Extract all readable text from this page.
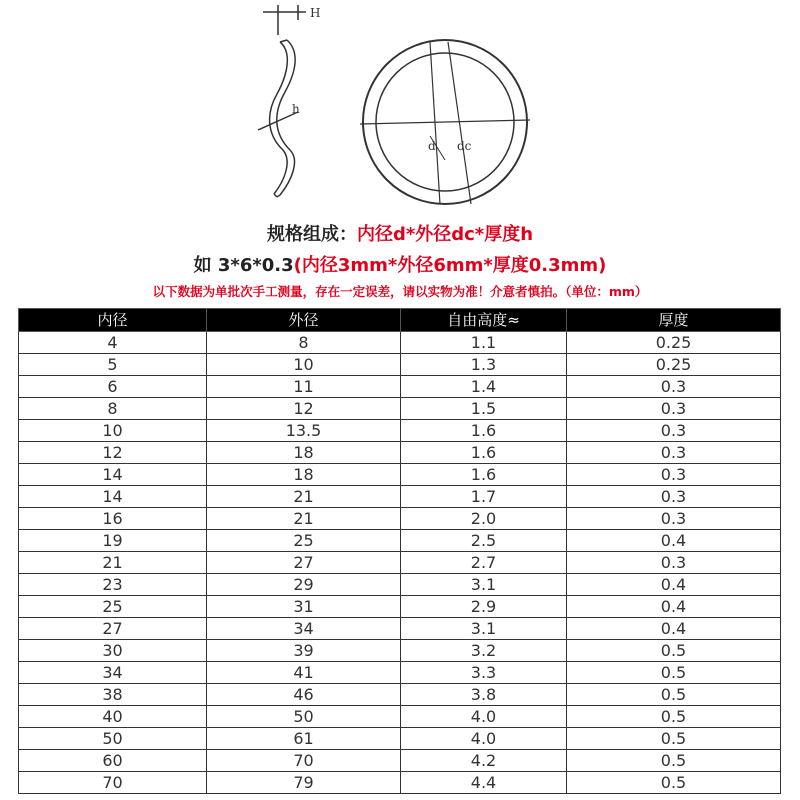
H
h
d dc
规格组成：内径d*外径dc*厚度h
如 3*6*0.3(内径3mm*外径6mm*厚度0.3mm)
以下数据为单批次手工测量，存在一定误差，请以实物为准！介意者慎拍。（单位：mm）
内径	外径	自由高度≈	厚度
4	8	1.1	0.25
5	10	1.3	0.25
6	11	1.4	0.3
8	12	1.5	0.3
10	13.5	1.6	0.3
12	18	1.6	0.3
14	18	1.6	0.3
14	21	1.7	0.3
16	21	2.0	0.3
19	25	2.5	0.4
21	27	2.7	0.3
23	29	3.1	0.4
25	31	2.9	0.4
27	34	3.1	0.4
30	39	3.2	0.5
34	41	3.3	0.5
38	46	3.8	0.5
40	50	4.0	0.5
50	61	4.0	0.5
60	70	4.2	0.5
70	79	4.4	0.5
